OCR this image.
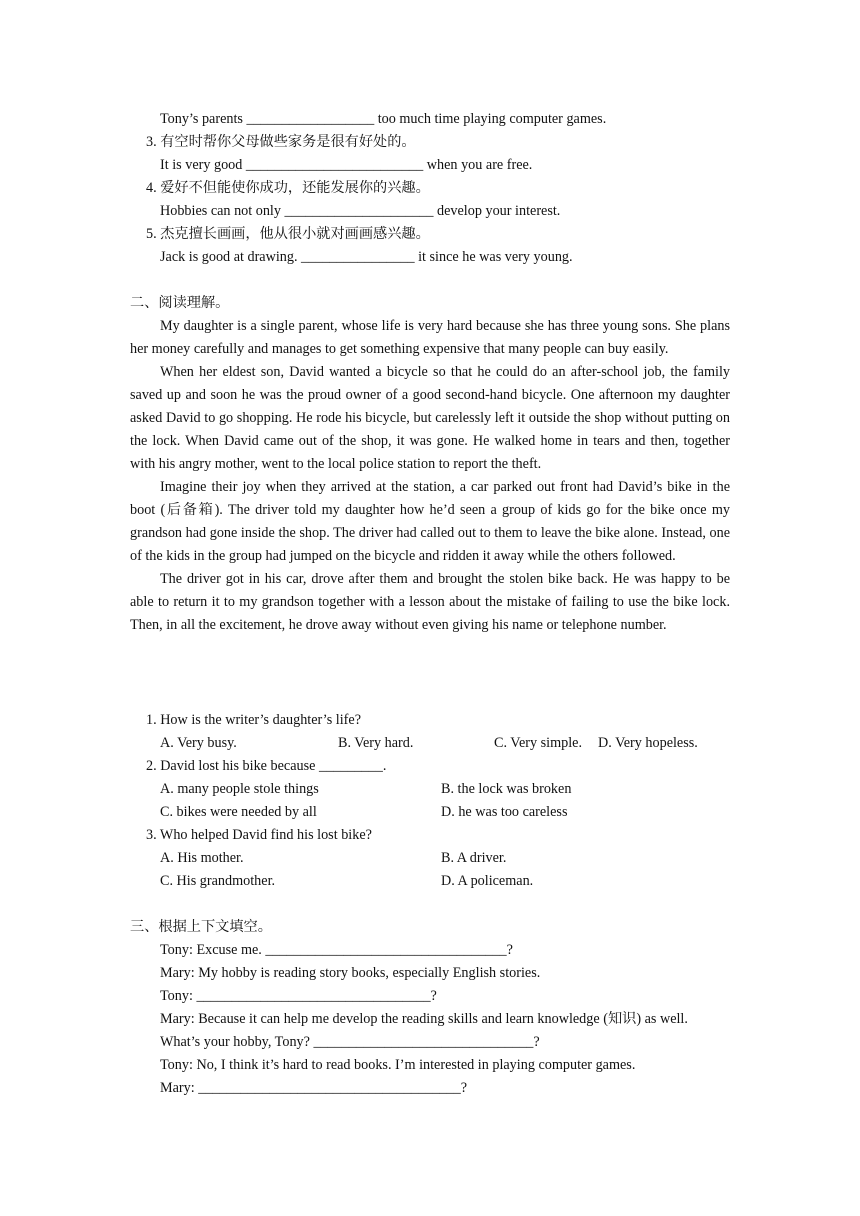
Tony’s parents __________________ too much time playing computer games.
3. 有空时帮你父母做些家务是很有好处的。
It is very good _________________________ when you are free.
4. 爱好不但能使你成功，还能发展你的兴趣。
Hobbies can not only _____________________ develop your interest.
5. 杰克擅长画画，他从很小就对画画感兴趣。
Jack is good at drawing. ________________ it since he was very young.
二、阅读理解。

My daughter is a single parent, whose life is very hard because she has three young sons. She plans her money carefully and manages to get something expensive that many people can buy easily.

When her eldest son, David wanted a bicycle so that he could do an after-school job, the family saved up and soon he was the proud owner of a good second-hand bicycle. One afternoon my daughter asked David to go shopping. He rode his bicycle, but carelessly left it outside the shop without putting on the lock. When David came out of the shop, it was gone. He walked home in tears and then, together with his angry mother, went to the local police station to report the theft.

Imagine their joy when they arrived at the station, a car parked out front had David’s bike in the boot (后备箱). The driver told my daughter how he’d seen a group of kids go for the bike once my grandson had gone inside the shop. The driver had called out to them to leave the bike alone. Instead, one of the kids in the group had jumped on the bicycle and ridden it away while the others followed.

The driver got in his car, drove after them and brought the stolen bike back. He was happy to be able to return it to my grandson together with a lesson about the mistake of failing to use the bike lock. Then, in all the excitement, he drove away without even giving his name or telephone number.

1. How is the writer’s daughter’s life?
A. Very busy.	B. Very hard.	C. Very simple. D. Very hopeless.
2. David lost his bike because _________.
A. many people stole things	B. the lock was broken
C. bikes were needed by all	D. he was too careless
3. Who helped David find his lost bike?
A. His mother.	B. A driver.
C. His grandmother.	D. A policeman.
三、根据上下文填空。
Tony: Excuse me. __________________________________?
Mary: My hobby is reading story books, especially English stories.
Tony: _________________________________?
Mary: Because it can help me develop the reading skills and learn knowledge (知识) as well.
What’s your hobby, Tony? _______________________________?
Tony: No, I think it’s hard to read books. I’m interested in playing computer games.
Mary: _____________________________________?
